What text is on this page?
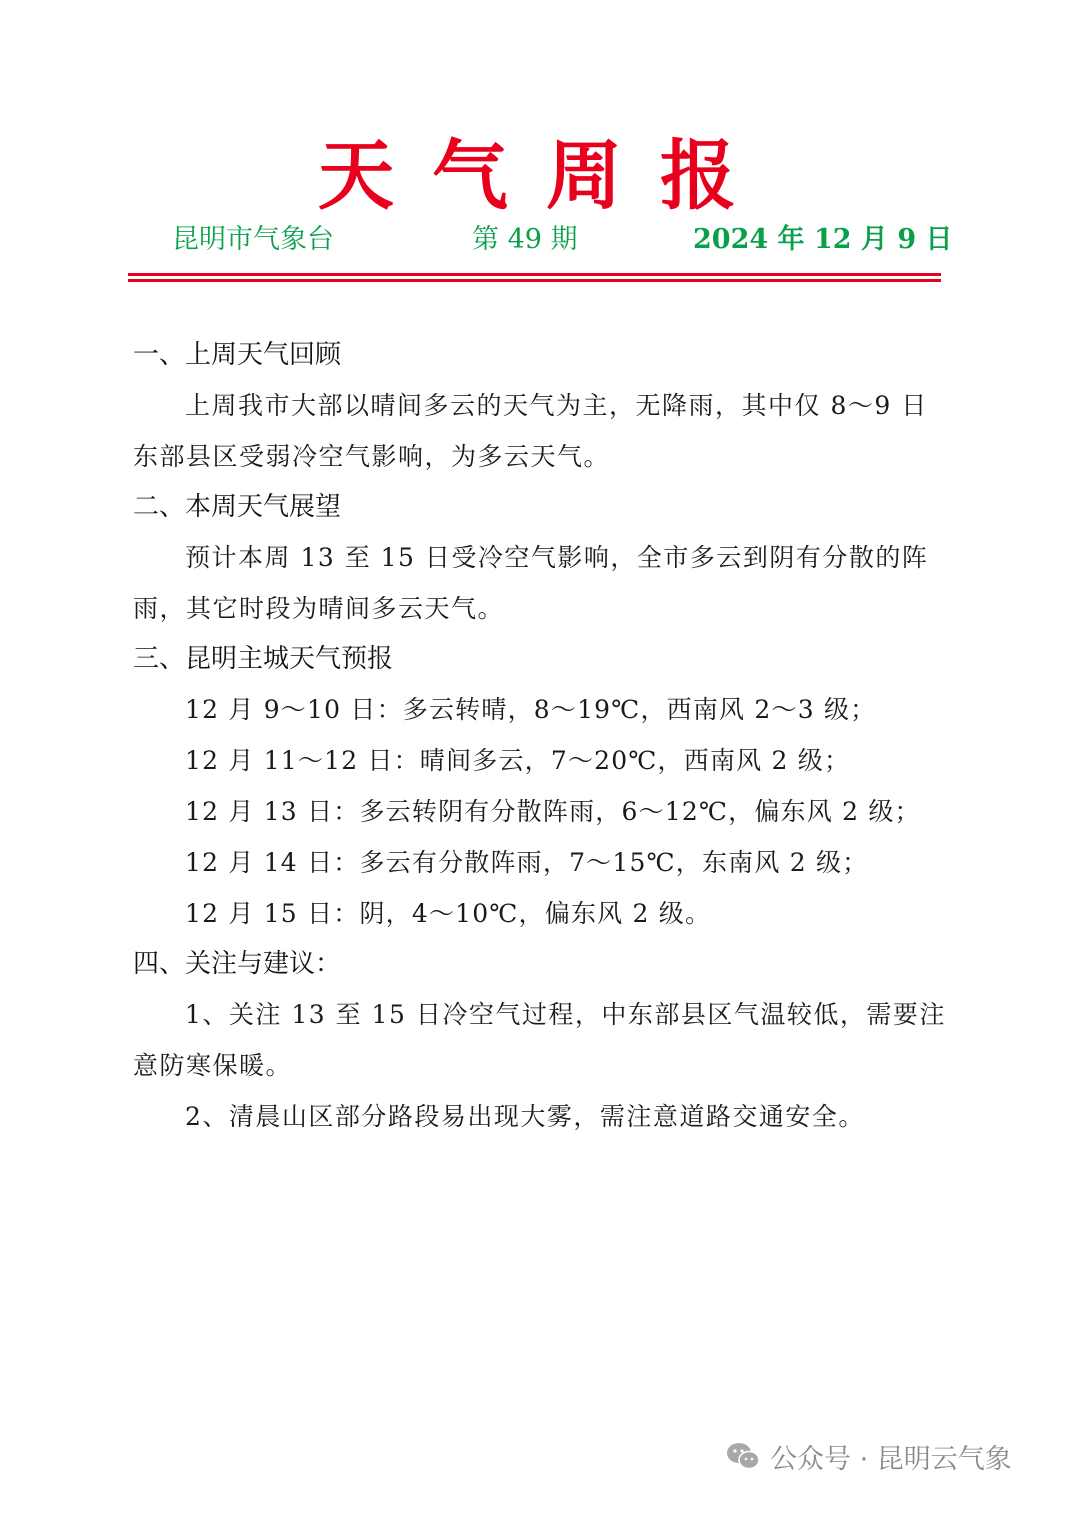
天气周报
昆明市气象台	第 49 期	2024 年 12 月 9 日
一、上周天气回顾
上周我市大部以晴间多云的天气为主，无降雨，其中仅 8～9 日东部县区受弱冷空气影响，为多云天气。
二、本周天气展望
预计本周 13 至 15 日受冷空气影响，全市多云到阴有分散的阵雨，其它时段为晴间多云天气。
三、昆明主城天气预报
12 月 9～10 日：多云转晴，8～19℃，西南风 2～3 级；
12 月 11～12 日：晴间多云，7～20℃，西南风 2 级；
12 月 13 日：多云转阴有分散阵雨，6～12℃，偏东风 2 级；
12 月 14 日：多云有分散阵雨，7～15℃，东南风 2 级；
12 月 15 日：阴，4～10℃，偏东风 2 级。
四、关注与建议：
1、关注 13 至 15 日冷空气过程，中东部县区气温较低，需要注意防寒保暖。
2、清晨山区部分路段易出现大雾，需注意道路交通安全。
公众号 · 昆明云气象
